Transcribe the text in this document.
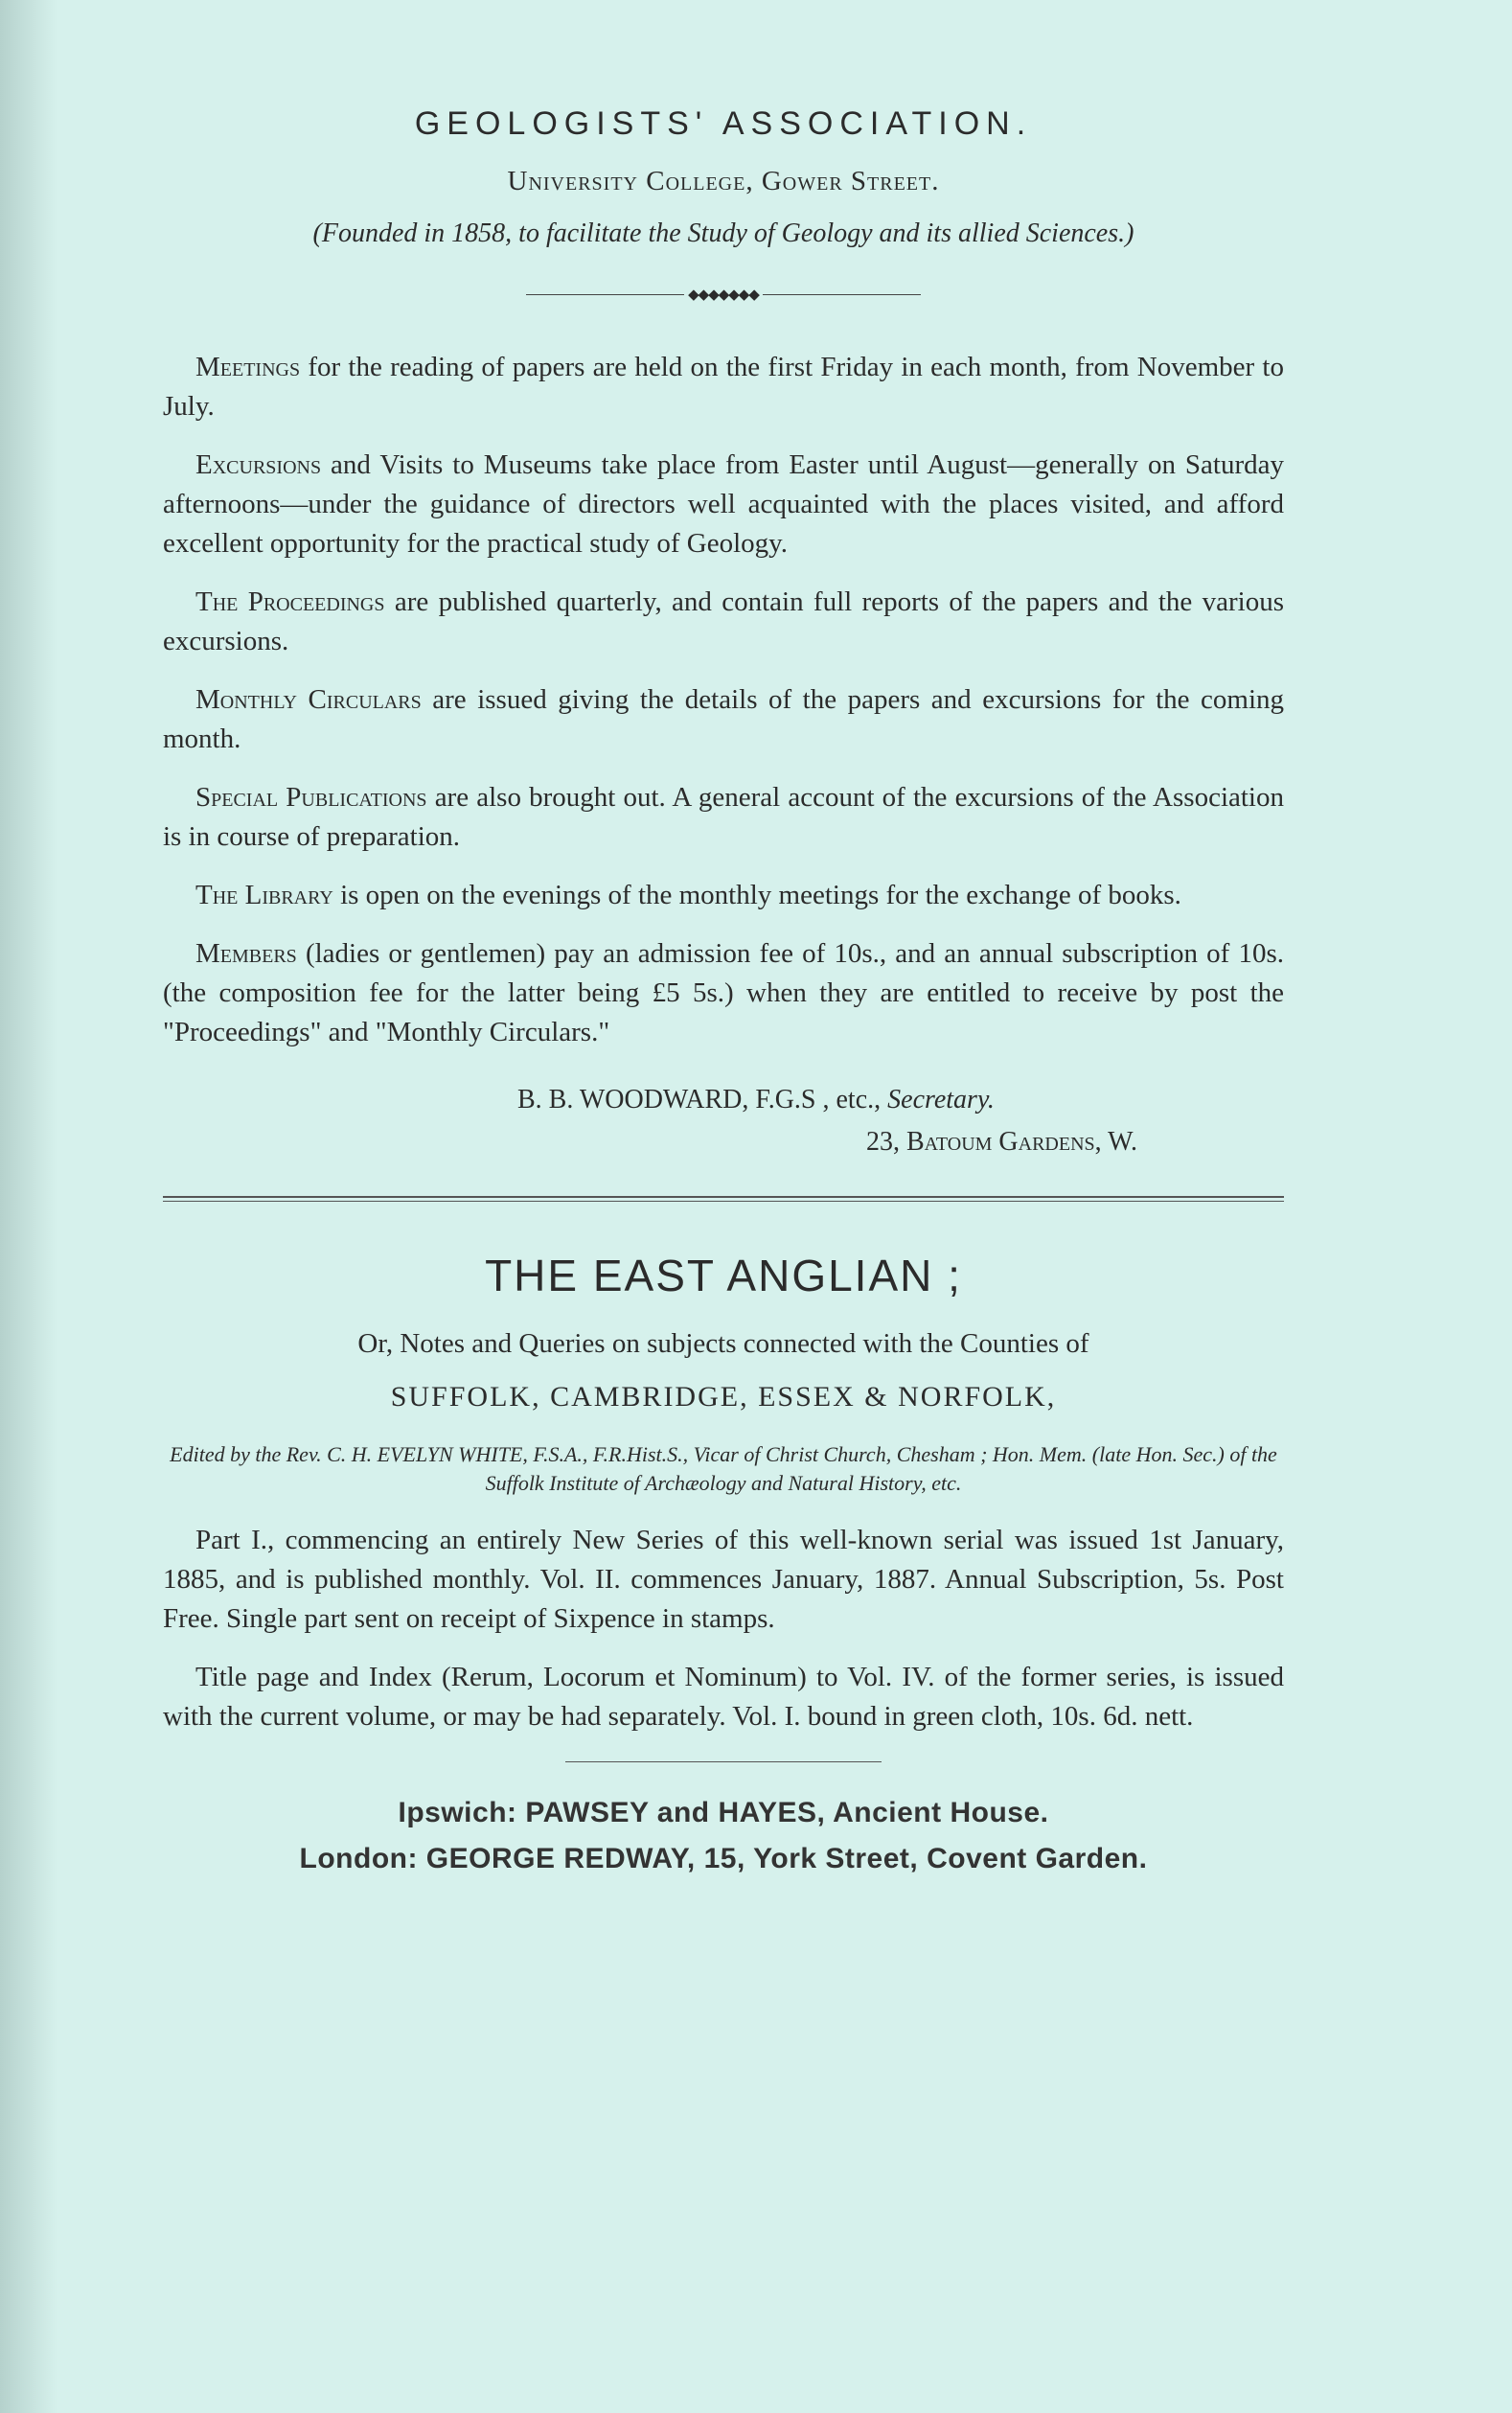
GEOLOGISTS' ASSOCIATION.
University College, Gower Street.
(Founded in 1858, to facilitate the Study of Geology and its allied Sciences.)
◆◆◆◆◆◆◆

Meetings for the reading of papers are held on the first Friday in each month, from November to July.

Excursions and Visits to Museums take place from Easter until August—generally on Saturday afternoons—under the guidance of directors well acquainted with the places visited, and afford excellent opportunity for the practical study of Geology.

The Proceedings are published quarterly, and contain full reports of the papers and the various excursions.

Monthly Circulars are issued giving the details of the papers and excursions for the coming month.

Special Publications are also brought out. A general account of the excursions of the Association is in course of preparation.

The Library is open on the evenings of the monthly meetings for the exchange of books.

Members (ladies or gentlemen) pay an admission fee of 10s., and an annual subscription of 10s. (the composition fee for the latter being £5 5s.) when they are entitled to receive by post the "Proceedings" and "Monthly Circulars."

B. B. WOODWARD, F.G.S , etc., Secretary.
23, Batoum Gardens, W.
THE EAST ANGLIAN ;
Or, Notes and Queries on subjects connected with the Counties of
SUFFOLK, CAMBRIDGE, ESSEX & NORFOLK,
Edited by the Rev. C. H. EVELYN WHITE, F.S.A., F.R.Hist.S., Vicar of Christ Church, Chesham ; Hon. Mem. (late Hon. Sec.) of the Suffolk Institute of Archæology and Natural History, etc.

Part I., commencing an entirely New Series of this well-known serial was issued 1st January, 1885, and is published monthly. Vol. II. commences January, 1887. Annual Subscription, 5s. Post Free. Single part sent on receipt of Sixpence in stamps.

Title page and Index (Rerum, Locorum et Nominum) to Vol. IV. of the former series, is issued with the current volume, or may be had separately. Vol. I. bound in green cloth, 10s. 6d. nett.

Ipswich: PAWSEY and HAYES, Ancient House.
London: GEORGE REDWAY, 15, York Street, Covent Garden.
